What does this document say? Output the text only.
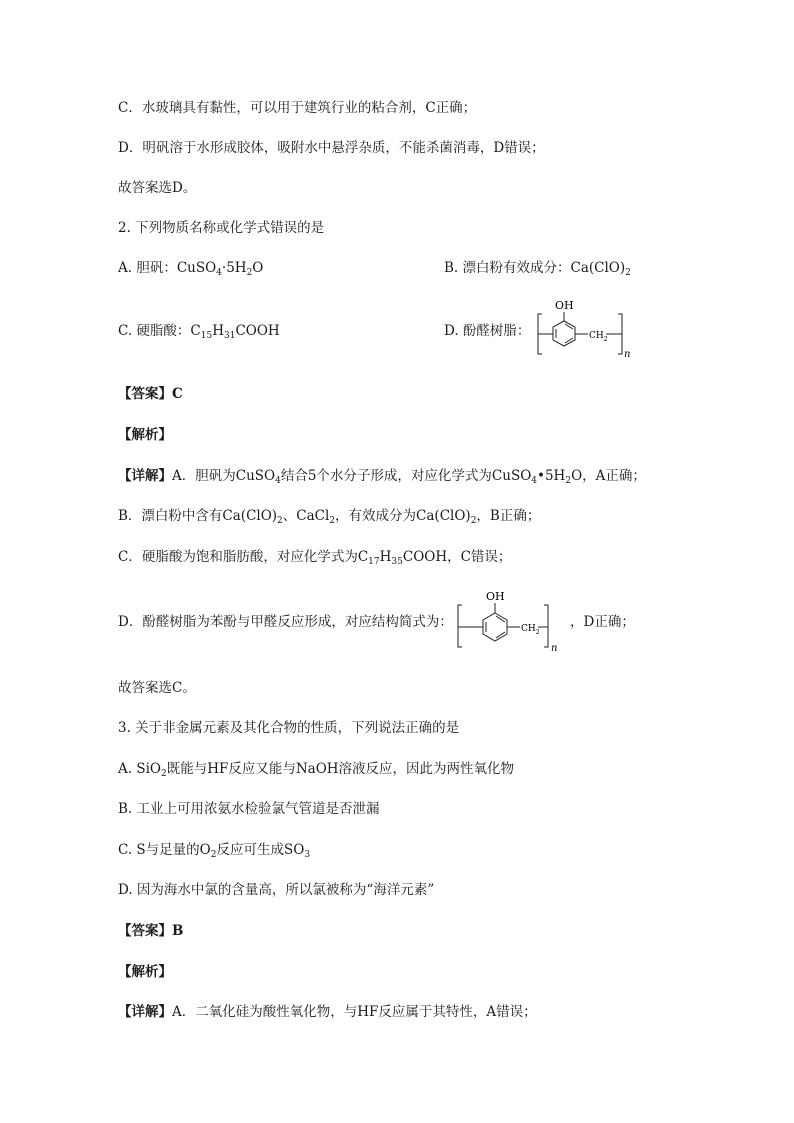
C．水玻璃具有黏性，可以用于建筑行业的粘合剂，C正确；
D．明矾溶于水形成胶体，吸附水中悬浮杂质，不能杀菌消毒，D错误；
故答案选D。
2. 下列物质名称或化学式错误的是
A. 胆矾：$CuSO_4\cdot 5H_2O$	B. 漂白粉有效成分：$Ca(ClO)_2$
C. 硬脂酸：$C_{15}H_{31}COOH$	D. 酚醛树脂：
OH
$CH_2$
n
【答案】C
【解析】
【详解】A．胆矾为CuSO$_4$结合5个水分子形成，对应化学式为$CuSO_4•5H_2O$，A正确；
B．漂白粉中含有$Ca(ClO)_2$、CaCl$_2$，有效成分为$Ca(ClO)_2$，B正确；
C．硬脂酸为饱和脂肪酸，对应化学式为$C_{17}H_{35}COOH$，C错误；
D．酚醛树脂为苯酚与甲醛反应形成，对应结构简式为：
OH
$CH_2$
n
，D正确；
故答案选C。
3. 关于非金属元素及其化合物的性质，下列说法正确的是
A. SiO$_2$既能与HF反应又能与NaOH溶液反应，因此为两性氧化物
B. 工业上可用浓氨水检验氯气管道是否泄漏
C. S与足量的$O_2$反应可生成$SO_3$
D. 因为海水中氯的含量高，所以氯被称为“海洋元素”
【答案】B
【解析】
【详解】A．二氧化硅为酸性氧化物，与HF反应属于其特性，A错误；
